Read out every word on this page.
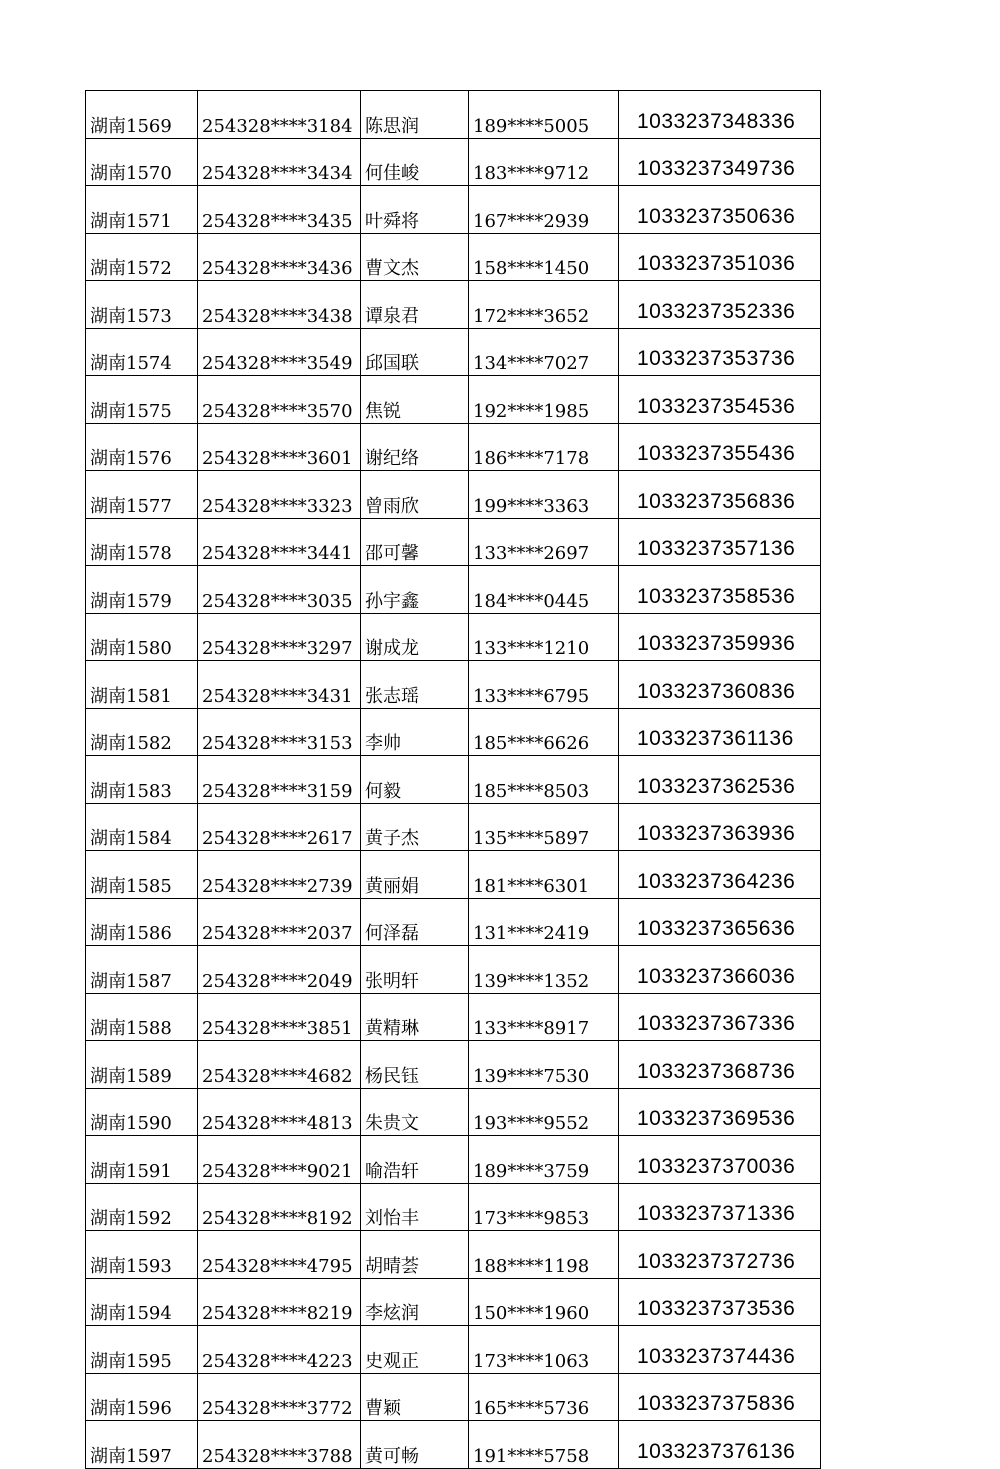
湖南1569	254328****3184	陈思润	189****5005	1033237348336
湖南1570	254328****3434	何佳峻	183****9712	1033237349736
湖南1571	254328****3435	叶舜将	167****2939	1033237350636
湖南1572	254328****3436	曹文杰	158****1450	1033237351036
湖南1573	254328****3438	谭泉君	172****3652	1033237352336
湖南1574	254328****3549	邱国联	134****7027	1033237353736
湖南1575	254328****3570	焦锐	192****1985	1033237354536
湖南1576	254328****3601	谢纪络	186****7178	1033237355436
湖南1577	254328****3323	曾雨欣	199****3363	1033237356836
湖南1578	254328****3441	邵可馨	133****2697	1033237357136
湖南1579	254328****3035	孙宇鑫	184****0445	1033237358536
湖南1580	254328****3297	谢成龙	133****1210	1033237359936
湖南1581	254328****3431	张志瑶	133****6795	1033237360836
湖南1582	254328****3153	李帅	185****6626	1033237361136
湖南1583	254328****3159	何毅	185****8503	1033237362536
湖南1584	254328****2617	黄子杰	135****5897	1033237363936
湖南1585	254328****2739	黄丽娟	181****6301	1033237364236
湖南1586	254328****2037	何泽磊	131****2419	1033237365636
湖南1587	254328****2049	张明轩	139****1352	1033237366036
湖南1588	254328****3851	黄精琳	133****8917	1033237367336
湖南1589	254328****4682	杨民钰	139****7530	1033237368736
湖南1590	254328****4813	朱贵文	193****9552	1033237369536
湖南1591	254328****9021	喻浩轩	189****3759	1033237370036
湖南1592	254328****8192	刘怡丰	173****9853	1033237371336
湖南1593	254328****4795	胡晴荟	188****1198	1033237372736
湖南1594	254328****8219	李炫润	150****1960	1033237373536
湖南1595	254328****4223	史观正	173****1063	1033237374436
湖南1596	254328****3772	曹颖	165****5736	1033237375836
湖南1597	254328****3788	黄可畅	191****5758	1033237376136
